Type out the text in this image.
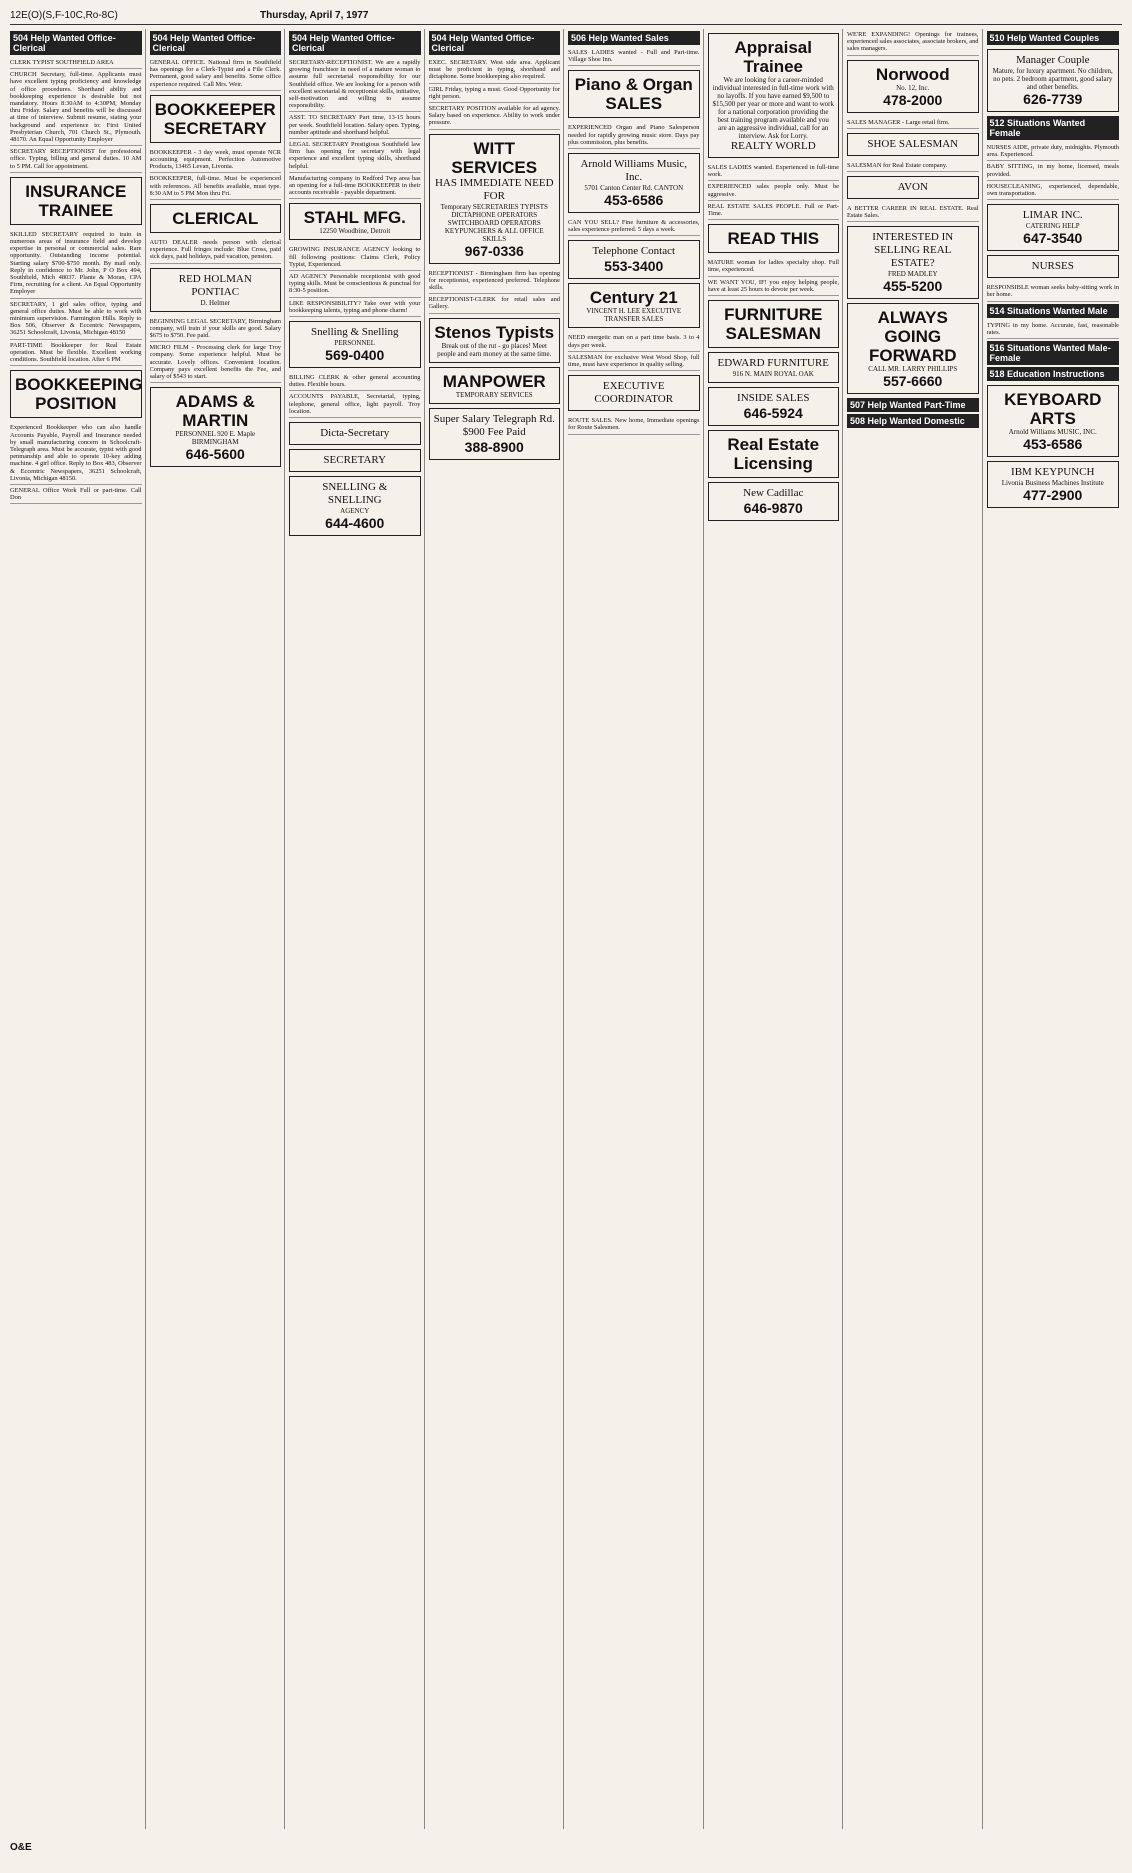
12E(O)(S,F-10C,Ro-8C)	Thursday, April 7, 1977
504 Help Wanted Office-Clerical
CLERK TYPIST SOUTHFIELD AREA
CHURCH Secretary, full-time. Applicants must have excellent typing proficiency and knowledge of office procedures. Shorthand ability and bookkeeping experience is desirable but not mandatory. Hours 8:30AM to 4:30PM, Monday thru Friday. Salary and benefits will be discussed at time of interview. Submit resume, stating your background and experience to: First United Presbyterian Church, 701 Church St., Plymouth. 48170. An Equal Opportunity Employer
SECRETARY RECEPTIONIST for professional office. Typing, billing and general duties. 10 AM to 5 PM. Call for appointment.
INSURANCE TRAINEE
SKILLED SECRETARY required to train in numerous areas of insurance field and develop expertise in personal or commercial sales. Rare opportunity. Outstanding income potential. Starting salary $700-$750 month. By mail only. Reply in confidence to Mr. John, P O Box 494, Southfield, Mich 48037. Plante & Moran, CPA Firm, recruiting for a client. An Equal Opportunity Employer
SECRETARY, 1 girl sales office, typing and general office duties. Must be able to work with minimum supervision. Farmington Hills. Reply to Box 506, Observer & Eccentric Newspapers, 36251 Schoolcraft, Livonia, Michigan 48150
PART-TIME Bookkeeper for Real Estate operation. Must be flexible. Excellent working conditions. Southfield location. After 6 PM
BOOKKEEPING POSITION
Experienced Bookkeeper who can also handle Accounts Payable, Payroll and Insurance needed by small manufacturing concern in Schoolcraft-Telegraph area. Must be accurate, typist with good penmanship and able to operate 10-key adding machine. 4 girl office. Reply to Box 483, Observer & Eccentric Newspapers, 36251 Schoolcraft, Livonia, Michigan 48150.
GENERAL Office Work Full or part-time. Call Don
504 Help Wanted Office-Clerical
GENERAL OFFICE. National firm in Southfield has openings for a Clerk-Typist and a File Clerk. Permanent, good salary and benefits. Some office experience required. Call Mrs. Weir.
BOOKKEEPER SECRETARY
BOOKKEEPER - 3 day week, must operate NCR accounting equipment. Perfection Automotive Products, 13465 Levan, Livonia.
BOOKKEEPER, full-time. Must be experienced with references. All benefits available, must type. 8:30 AM to 5 PM Mon thru Fri.
CLERICAL
AUTO DEALER needs person with clerical experience. Full fringes include: Blue Cross, paid sick days, paid holidays, paid vacation, pension.
RED HOLMAN PONTIAC
D. Helmer
BEGINNING LEGAL SECRETARY, Birmingham company, will train if your skills are good. Salary $675 to $750. Fee paid.
MICRO FILM - Processing clerk for large Troy company. Some experience helpful. Must be accurate. Lovely offices. Convenient location. Company pays excellent benefits the Fee, and salary of $543 to start.
ADAMS & MARTIN
PERSONNEL 920 E. Maple BIRMINGHAM
646-5600
504 Help Wanted Office-Clerical
SECRETARY-RECEPTIONIST. We are a rapidly growing franchisor in need of a mature woman to assume full secretarial responsibility for our Southfield office. We are looking for a person with excellent secretarial & receptionist skills, initiative, self-motivation and willing to assume responsibility.
ASST. TO SECRETARY Part time, 13-15 hours per week. Southfield location. Salary open. Typing, number aptitude and shorthand helpful.
LEGAL SECRETARY Prestigious Southfield law firm has opening for secretary with legal experience and excellent typing skills, shorthand helpful.
Manufacturing company in Redford Twp area has an opening for a full-time BOOKKEEPER in their accounts receivable - payable department.
STAHL MFG.
12250 Woodbine, Detroit
GROWING INSURANCE AGENCY looking to fill following positions: Claims Clerk, Policy Typist, Experienced.
AD AGENCY Personable receptionist with good typing skills. Must be conscientious & punctual for 8:30-5 position.
LIKE RESPONSIBILITY? Take over with your bookkeeping talents, typing and phone charm!
Snelling & Snelling
PERSONNEL
569-0400
BILLING CLERK & other general accounting duties. Flexible hours.
ACCOUNTS PAYABLE, Secretarial, typing, telephone, general office, light payroll. Troy location.
Dicta-Secretary
SECRETARY
SNELLING & SNELLING
AGENCY
644-4600
504 Help Wanted Office-Clerical
EXEC. SECRETARY. West side area. Applicant must be proficient in typing, shorthand and dictaphone. Some bookkeeping also required.
GIRL Friday, typing a must. Good Opportunity for right person.
SECRETARY POSITION available for ad agency. Salary based on experience. Ability to work under pressure.
WITT SERVICES
HAS IMMEDIATE NEED FOR
Temporary SECRETARIES TYPISTS DICTAPHONE OPERATORS SWITCHBOARD OPERATORS KEYPUNCHERS & ALL OFFICE SKILLS
967-0336
RECEPTIONIST - Birmingham firm has opening for receptionist, experienced preferred. Telephone skills.
RECEPTIONIST-CLERK for retail sales and Gallery.
Stenos Typists
Break out of the rut - go places! Meet people and earn money at the same time.
MANPOWER
TEMPORARY SERVICES
Super Salary Telegraph Rd. $900 Fee Paid
388-8900
506 Help Wanted Sales
SALES LADIES wanted - Full and Part-time. Village Shoe Inn.
Piano & Organ SALES
EXPERIENCED Organ and Piano Salesperson needed for rapidly growing music store. Days pay plus commission, plus benefits.
Arnold Williams Music, Inc.
5701 Canton Center Rd. CANTON
453-6586
CAN YOU SELL? Fine furniture & accessories, sales experience preferred. 5 days a week.
Telephone Contact
553-3400
Century 21
VINCENT H. LEE EXECUTIVE TRANSFER SALES
NEED energetic man on a part time basis. 3 to 4 days per week.
SALESMAN for exclusive West Wood Shop, full time, must have experience in quality selling.
EXECUTIVE COORDINATOR
ROUTE SALES. New home, Immediate openings for Route Salesmen.
Appraisal Trainee
We are looking for a career-minded individual interested in full-time work with no layoffs. If you have earned $9,500 to $15,500 per year or more and want to work for a national corporation providing the best training program available and you are an aggressive individual, call for an interview. Ask for Lorry.
REALTY WORLD
SALES LADIES wanted. Experienced in full-time work.
EXPERIENCED sales people only. Must be aggressive.
REAL ESTATE SALES PEOPLE. Full or Part-Time.
READ THIS
MATURE woman for ladies specialty shop. Full time, experienced.
WE WANT YOU, IF! you enjoy helping people, have at least 25 hours to devote per week.
FURNITURE SALESMAN
EDWARD FURNITURE
916 N. MAIN ROYAL OAK
INSIDE SALES
646-5924
Real Estate Licensing
New Cadillac
646-9870
WE'RE EXPANDING! Openings for trainees, experienced sales associates, associate brokers, and sales managers.
Norwood
No. 12, Inc.
478-2000
SALES MANAGER - Large retail firm.
SHOE SALESMAN
SALESMAN for Real Estate company.
AVON
A BETTER CAREER IN REAL ESTATE. Real Estate Sales.
INTERESTED IN SELLING REAL ESTATE?
FRED MADLEY
455-5200
ALWAYS GOING FORWARD
CALL MR. LARRY PHILLIPS
557-6660
507 Help Wanted Part-Time
508 Help Wanted Domestic
510 Help Wanted Couples
Manager Couple
Mature, for luxury apartment. No children, no pets. 2 bedroom apartment, good salary and other benefits.
626-7739
512 Situations Wanted Female
NURSES AIDE, private duty, midnights. Plymouth area. Experienced.
BABY SITTING, in my home, licensed, meals provided.
HOUSECLEANING, experienced, dependable, own transportation.
LIMAR INC.
CATERING HELP
647-3540
NURSES
RESPONSIBLE woman seeks baby-sitting work in her home.
514 Situations Wanted Male
TYPING in my home. Accurate, fast, reasonable rates.
516 Situations Wanted Male-Female
518 Education Instructions
KEYBOARD ARTS
Arnold Williams MUSIC, INC.
453-6586
IBM KEYPUNCH
Livonia Business Machines Institute
477-2900
O&E
